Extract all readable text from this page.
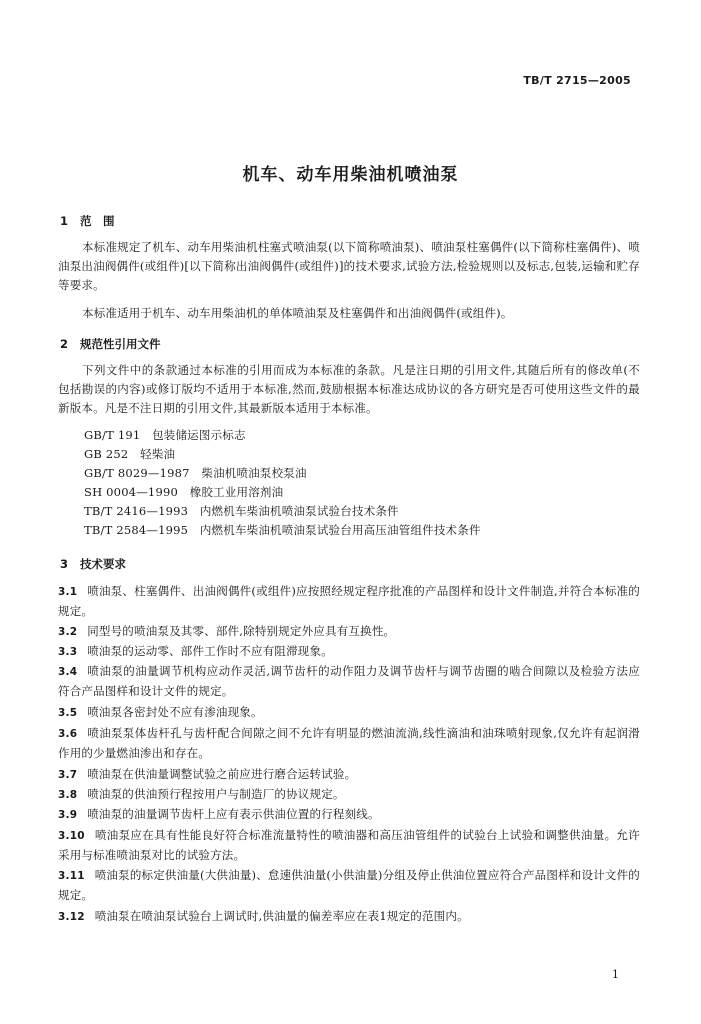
TB/T 2715—2005
机车、动车用柴油机喷油泵
1 范　围
本标准规定了机车、动车用柴油机柱塞式喷油泵(以下简称喷油泵)、喷油泵柱塞偶件(以下简称柱塞偶件)、喷油泵出油阀偶件(或组件)[以下简称出油阀偶件(或组件)]的技术要求,试验方法,检验规则以及标志,包装,运输和贮存等要求。
本标准适用于机车、动车用柴油机的单体喷油泵及柱塞偶件和出油阀偶件(或组件)。
2 规范性引用文件
下列文件中的条款通过本标准的引用而成为本标准的条款。凡是注日期的引用文件,其随后所有的修改单(不包括勘误的内容)或修订版均不适用于本标准,然而,鼓励根据本标准达成协议的各方研究是否可使用这些文件的最新版本。凡是不注日期的引用文件,其最新版本适用于本标准。
GB/T 191　包装储运图示标志
GB 252　轻柴油
GB/T 8029—1987　柴油机喷油泵校泵油
SH 0004—1990　橡胶工业用溶剂油
TB/T 2416—1993　内燃机车柴油机喷油泵试验台技术条件
TB/T 2584—1995　内燃机车柴油机喷油泵试验台用高压油管组件技术条件
3 技术要求
3.1 喷油泵、柱塞偶件、出油阀偶件(或组件)应按照经规定程序批准的产品图样和设计文件制造,并符合本标准的规定。
3.2 同型号的喷油泵及其零、部件,除特别规定外应具有互换性。
3.3 喷油泵的运动零、部件工作时不应有阻滞现象。
3.4 喷油泵的油量调节机构应动作灵活,调节齿杆的动作阻力及调节齿杆与调节齿圈的啮合间隙以及检验方法应符合产品图样和设计文件的规定。
3.5 喷油泵各密封处不应有渗油现象。
3.6 喷油泵泵体齿杆孔与齿杆配合间隙之间不允许有明显的燃油流淌,线性滴油和油珠喷射现象,仅允许有起润滑作用的少量燃油渗出和存在。
3.7 喷油泵在供油量调整试验之前应进行磨合运转试验。
3.8 喷油泵的供油预行程按用户与制造厂的协议规定。
3.9 喷油泵的油量调节齿杆上应有表示供油位置的行程刻线。
3.10 喷油泵应在具有性能良好符合标准流量特性的喷油器和高压油管组件的试验台上试验和调整供油量。允许采用与标准喷油泵对比的试验方法。
3.11 喷油泵的标定供油量(大供油量)、怠速供油量(小供油量)分组及停止供油位置应符合产品图样和设计文件的规定。
3.12 喷油泵在喷油泵试验台上调试时,供油量的偏差率应在表1规定的范围内。
1
